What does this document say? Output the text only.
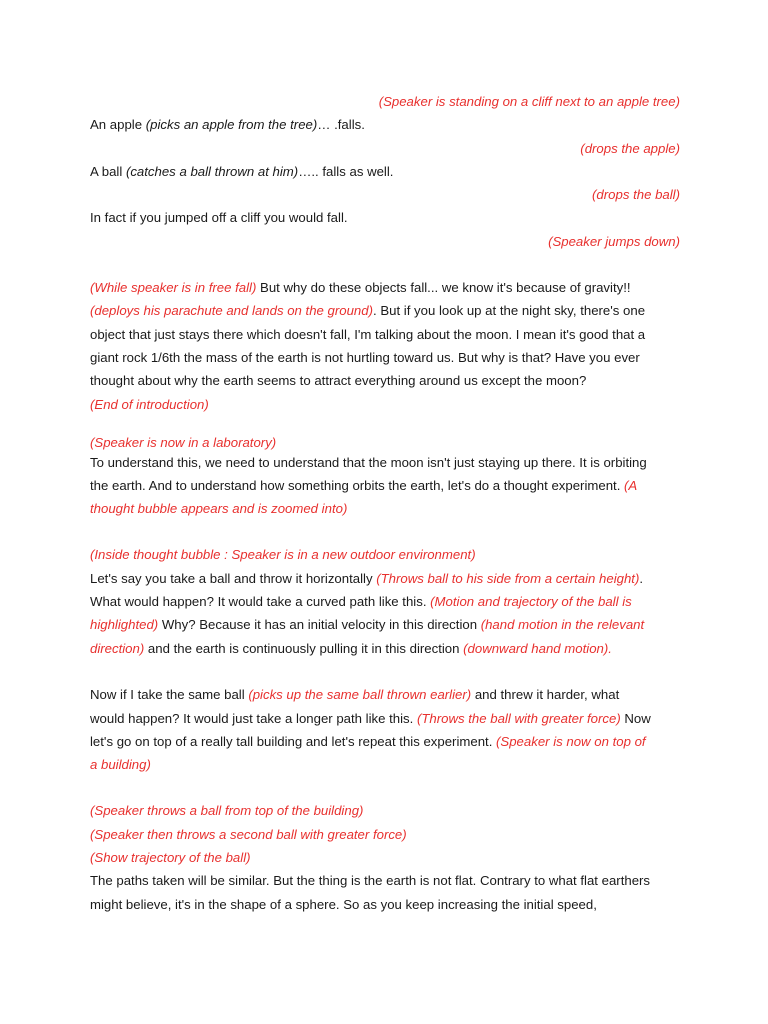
(Speaker is standing on a cliff next to an apple tree)
An apple (picks an apple from the tree)… .falls.
(drops the apple)
A ball (catches a ball thrown at him)….. falls as well.
(drops the ball)
In fact if you jumped off a cliff you would fall.
(Speaker jumps down)
(While speaker is in free fall) But why do these objects fall... we know it's because of gravity!!
(deploys his parachute and lands on the ground). But if you look up at the night sky, there's one
object that just stays there which doesn't fall, I'm talking about the moon. I mean it's good that a
giant rock 1/6th the mass of the earth is not hurtling toward us. But why is that? Have you ever
thought about why the earth seems to attract everything around us except the moon?
(End of introduction)
(Speaker is now in a laboratory)
To understand this, we need to understand that the moon isn't just staying up there. It is orbiting
the earth. And to understand how something orbits the earth, let's do a thought experiment. (A
thought bubble appears and is zoomed into)
(Inside thought bubble : Speaker is in a new outdoor environment)
Let's say you take a ball and throw it horizontally (Throws ball to his side from a certain height).
What would happen? It would take a curved path like this. (Motion and trajectory of the ball is
highlighted) Why? Because it has an initial velocity in this direction (hand motion in the relevant
direction) and the earth is continuously pulling it in this direction (downward hand motion).
Now if I take the same ball (picks up the same ball thrown earlier) and threw it harder, what
would happen? It would just take a longer path like this. (Throws the ball with greater force) Now
let's go on top of a really tall building and let's repeat this experiment. (Speaker is now on top of
a building)
(Speaker throws a ball from top of the building)
(Speaker then throws a second ball with greater force)
(Show trajectory of the ball)
The paths taken will be similar. But the thing is the earth is not flat. Contrary to what flat earthers
might believe, it's in the shape of a sphere. So as you keep increasing the initial speed,
